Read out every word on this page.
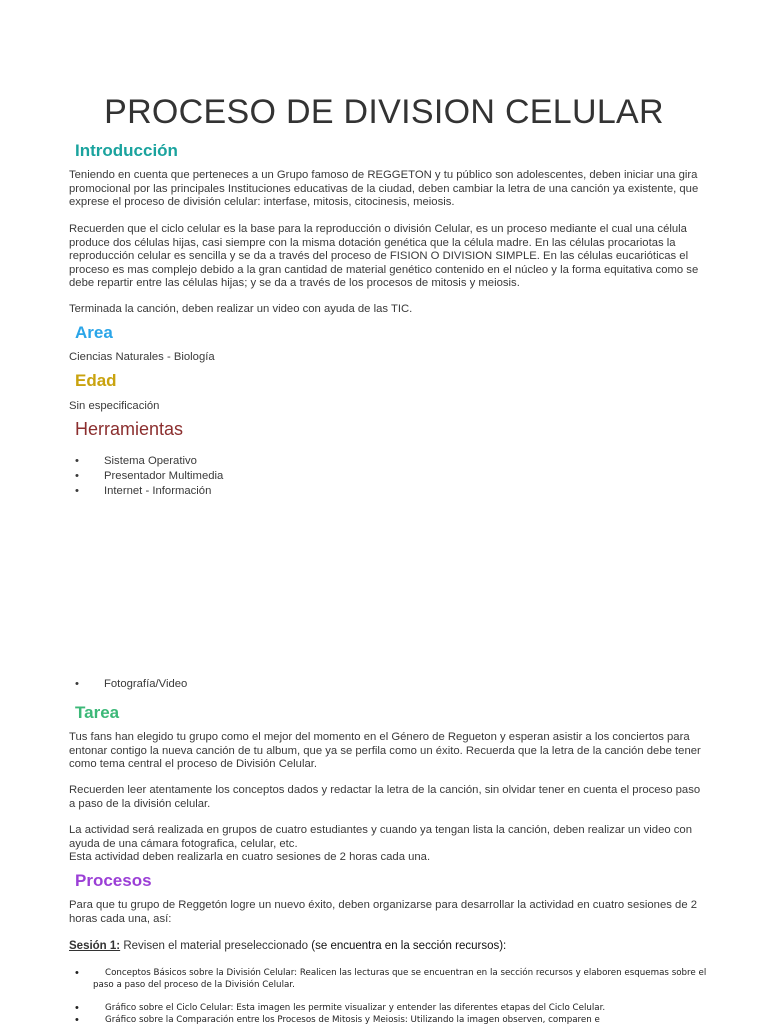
PROCESO DE DIVISION CELULAR
Introducción

Teniendo en cuenta que perteneces a un Grupo famoso de REGGETON y tu público son adolescentes, deben iniciar una gira promocional por las principales Instituciones educativas de la ciudad, deben cambiar la letra de una canción ya existente, que exprese el proceso de división celular: interfase, mitosis, citocinesis, meiosis.

Recuerden que el ciclo celular es la base para la reproducción o división Celular, es un proceso mediante el cual una célula produce dos células hijas, casi siempre con la misma dotación genética que la célula madre. En las células procariotas la reproducción celular es sencilla y se da a través del proceso de FISION O DIVISION SIMPLE. En las células eucarióticas el proceso es mas complejo debido a la gran cantidad de material genético contenido en el núcleo y la forma equitativa como se debe repartir entre las células hijas; y se da a través de los procesos de mitosis y meiosis.

Terminada la canción, deben realizar un video con ayuda de las TIC.

Area

Ciencias Naturales - Biología

Edad

Sin especificación

Herramientas
• Sistema Operativo
• Presentador Multimedia
• Internet - Información
• Fotografía/Video
Tarea

Tus fans han elegido tu grupo como el mejor del momento en el Género de Regueton y esperan asistir a los conciertos para entonar contigo la nueva canción de tu album, que ya se perfila como un éxito. Recuerda que la letra de la canción debe tener como tema central el proceso de División Celular.

Recuerden leer atentamente los conceptos dados y redactar la letra de la canción, sin olvidar tener en cuenta el proceso paso a paso de la división celular.

La actividad será realizada en grupos de cuatro estudiantes y cuando ya tengan lista la canción, deben realizar un video con ayuda de una cámara fotografica, celular, etc.

Esta actividad deben realizarla en cuatro sesiones de 2 horas cada una.

Procesos

Para que tu grupo de Reggetón logre un nuevo éxito, deben organizarse para desarrollar la actividad en cuatro sesiones de 2 horas cada una, así:

Sesión 1: Revisen el material preseleccionado (se encuentra en la sección recursos):

•	Conceptos Básicos sobre la División Celular: Realicen las lecturas que se encuentran en la sección recursos y elaboren esquemas sobre el paso a paso del proceso de la División Celular.
•	Gráfico sobre el Ciclo Celular: Esta imagen les permite visualizar y entender las diferentes etapas del Ciclo Celular.
•	Gráfico sobre la Comparación entre los Procesos de Mitosis y Meiosis: Utilizando la imagen observen, comparen e
